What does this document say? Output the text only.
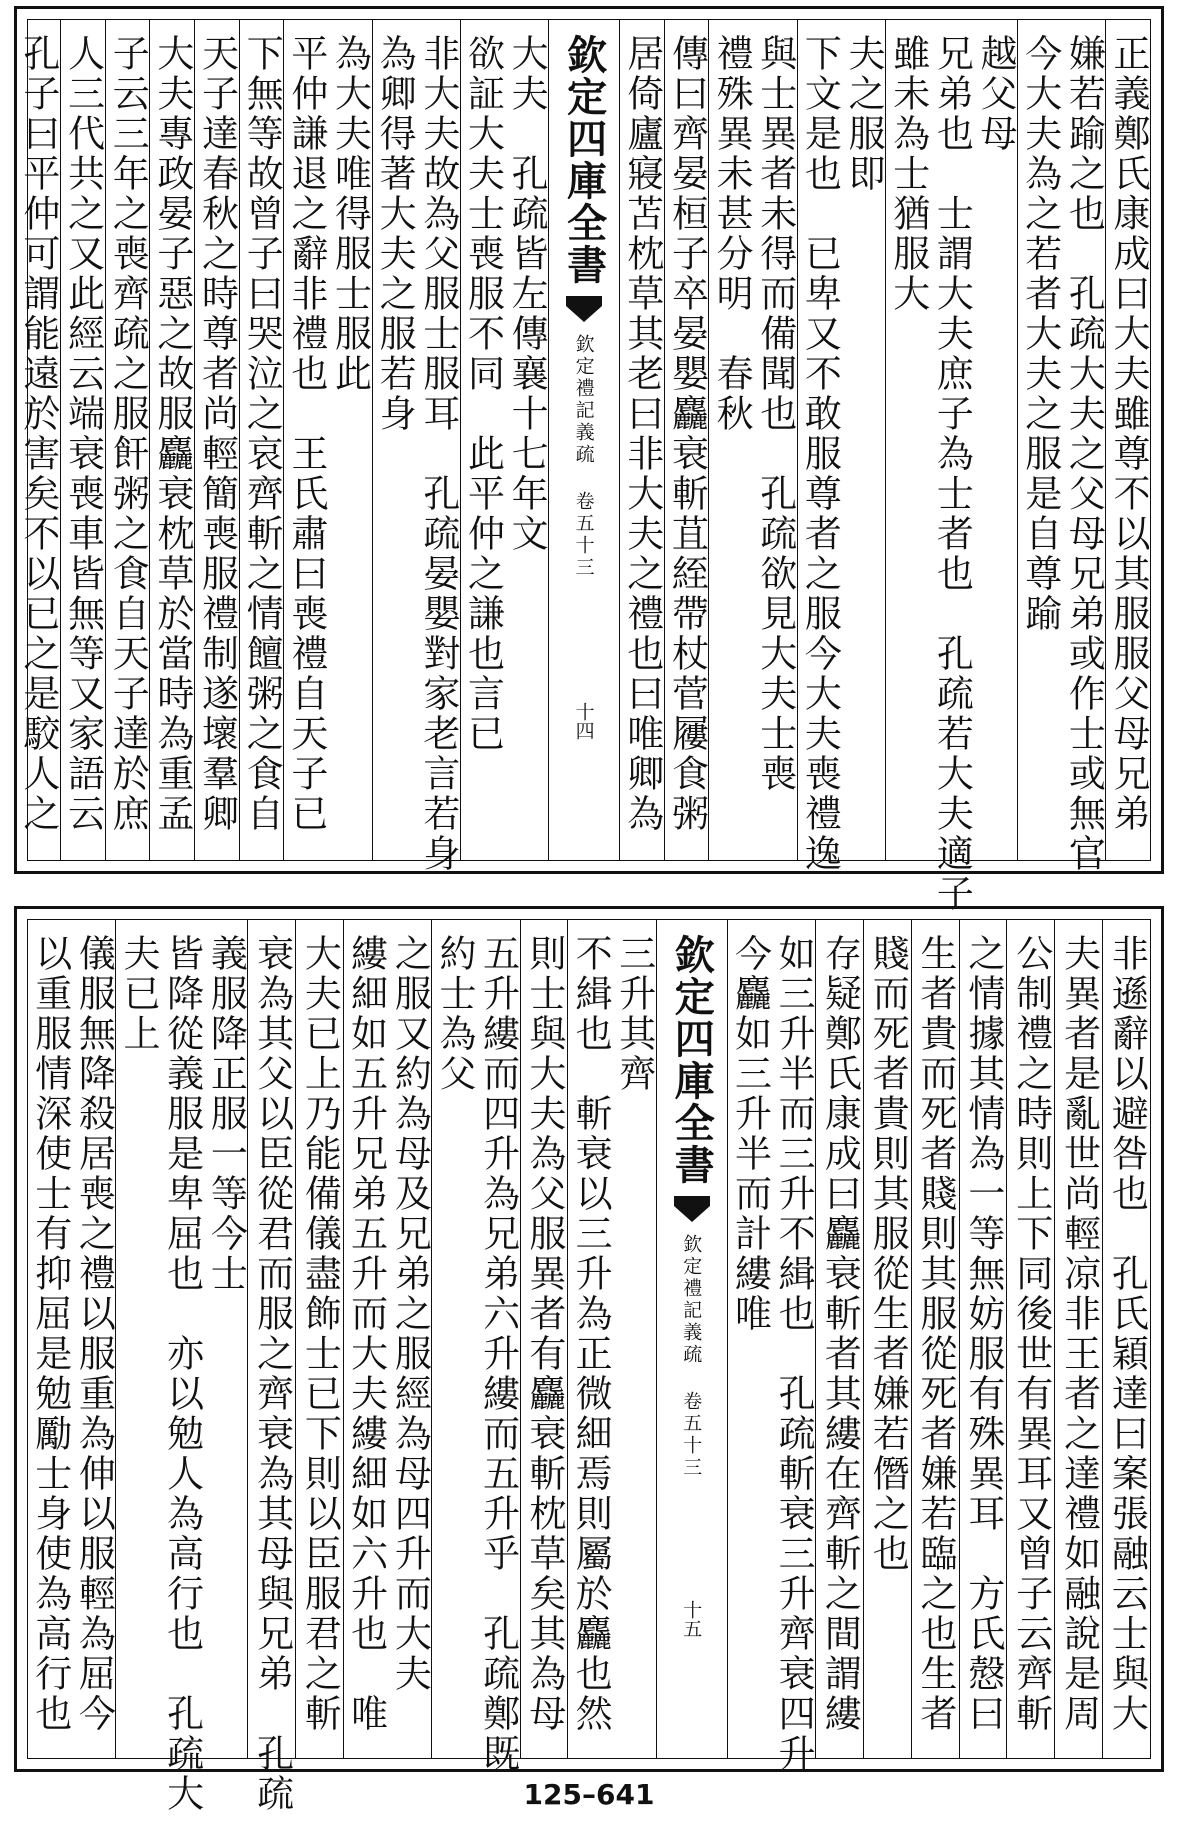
正義鄭氏康成曰大夫雖尊不以其服服父母兄弟
嫌若踰之也　孔疏大夫之父母兄弟或作士或無官
今大夫為之若者大夫之服是自尊踰
越父母
兄弟也　士謂大夫庶子為士者也　孔疏若大夫適子
雖未為士猶服大
夫之服即
下文是也　已卑又不敢服尊者之服今大夫喪禮逸
與士異者未得而備聞也　孔疏欲見大夫士喪
禮殊異未甚分明　春秋
傳曰齊晏桓子卒晏嬰麤衰斬苴絰帶杖菅屨食粥
居倚廬寢苫枕草其老曰非大夫之禮也曰唯卿為
欽定四庫全書
欽定禮記義疏 卷五十三
十四
大夫　孔疏皆左傳襄十七年文
欲証大夫士喪服不同　此平仲之謙也言已
非大夫故為父服士服耳　孔疏晏嬰對家老言若身
為卿得著大夫之服若身
為大夫唯得服士服此
平仲謙退之辭非禮也　王氏肅曰喪禮自天子已
下無等故曾子曰哭泣之哀齊斬之情饘粥之食自
天子達春秋之時尊者尚輕簡喪服禮制遂壞羣卿
大夫專政晏子惡之故服麤衰枕草於當時為重孟
子云三年之喪齊疏之服飦粥之食自天子達於庶
人三代共之又此經云端衰喪車皆無等又家語云
孔子曰平仲可謂能遠於害矣不以已之是駮人之
非遜辭以避咎也　孔氏穎達曰案張融云士與大
夫異者是亂世尚輕凉非王者之達禮如融說是周
公制禮之時則上下同後世有異耳又曾子云齊斬
之情據其情為一等無妨服有殊異耳　方氏慤曰
生者貴而死者賤則其服從死者嫌若臨之也生者
賤而死者貴則其服從生者嫌若僭之也
存疑鄭氏康成曰麤衰斬者其縷在齊斬之間謂縷
如三升半而三升不緝也　孔疏斬衰三升齊衰四升
今麤如三升半而計縷唯
欽定四庫全書
欽定禮記義疏 卷五十三
十五
三升其齊
不緝也　斬衰以三升為正微細焉則屬於麤也然
則士與大夫為父服異者有麤衰斬枕草矣其為母
五升縷而四升為兄弟六升縷而五升乎　孔疏鄭既
約士為父
之服又約為母及兄弟之服經為母四升而大夫
縷細如五升兄弟五升而大夫縷細如六升也　唯
大夫已上乃能備儀盡飾士已下則以臣服君之斬
衰為其父以臣從君而服之齊衰為其母與兄弟　孔疏
義服降正服一等今士
皆降從義服是卑屈也　亦以勉人為高行也　孔疏大
夫已上
儀服無降殺居喪之禮以服重為伸以服輕為屈今
以重服情深使士有抑屈是勉勵士身使為高行也
125–641
